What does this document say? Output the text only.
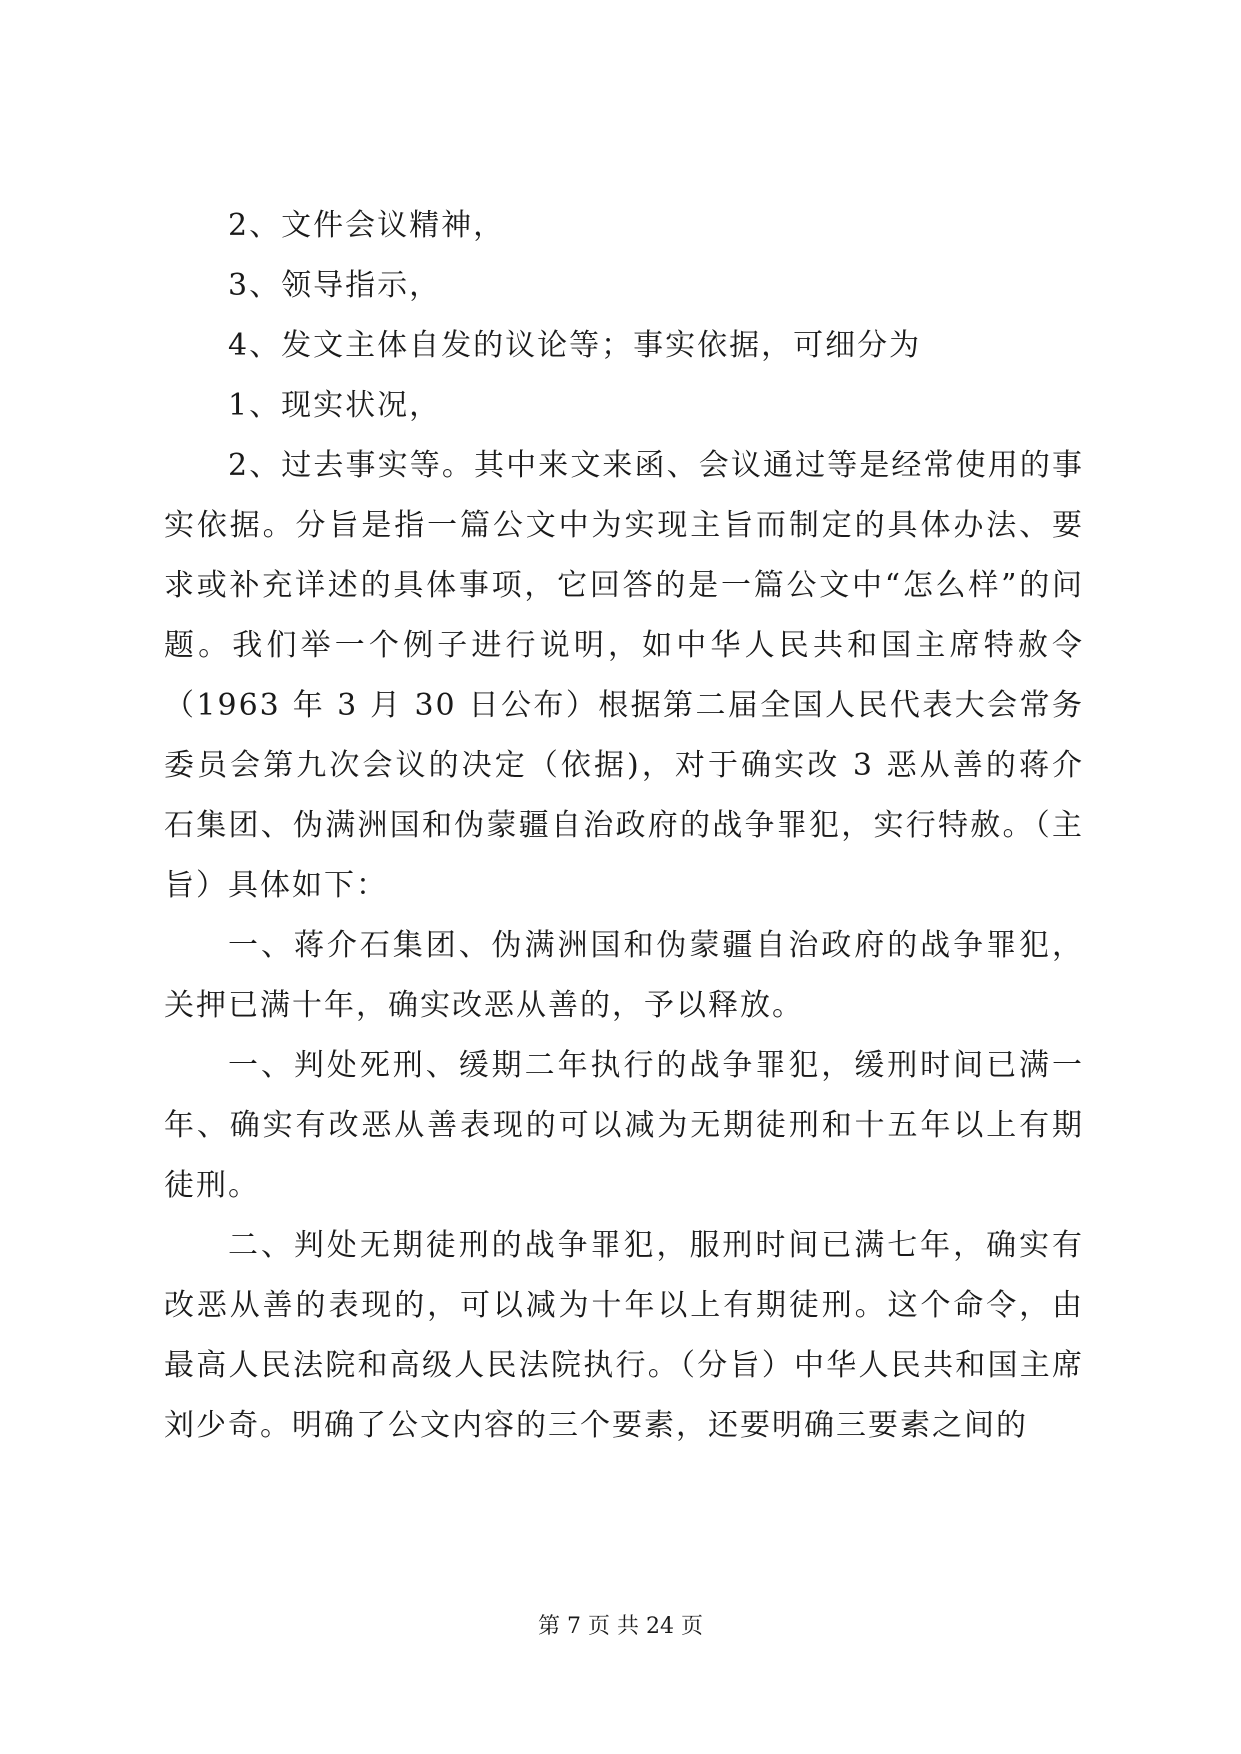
2、文件会议精神，

3、领导指示，

4、发文主体自发的议论等；事实依据，可细分为

1、现实状况，

2、过去事实等。其中来文来函、会议通过等是经常使用的事实依据。分旨是指一篇公文中为实现主旨而制定的具体办法、要求或补充详述的具体事项，它回答的是一篇公文中“怎么样”的问题。我们举一个例子进行说明，如中华人民共和国主席特赦令（1963 年 3 月 30 日公布）根据第二届全国人民代表大会常务委员会第九次会议的决定（依据)，对于确实改 3 恶从善的蒋介石集团、伪满洲国和伪蒙疆自治政府的战争罪犯，实行特赦。（主旨）具体如下：

一、蒋介石集团、伪满洲国和伪蒙疆自治政府的战争罪犯，关押已满十年，确实改恶从善的，予以释放。

一、判处死刑、缓期二年执行的战争罪犯，缓刑时间已满一年、确实有改恶从善表现的可以减为无期徒刑和十五年以上有期徒刑。

二、判处无期徒刑的战争罪犯，服刑时间已满七年，确实有改恶从善的表现的，可以减为十年以上有期徒刑。这个命令，由最高人民法院和高级人民法院执行。（分旨）中华人民共和国主席刘少奇。明确了公文内容的三个要素，还要明确三要素之间的

第 7 页 共 24 页
